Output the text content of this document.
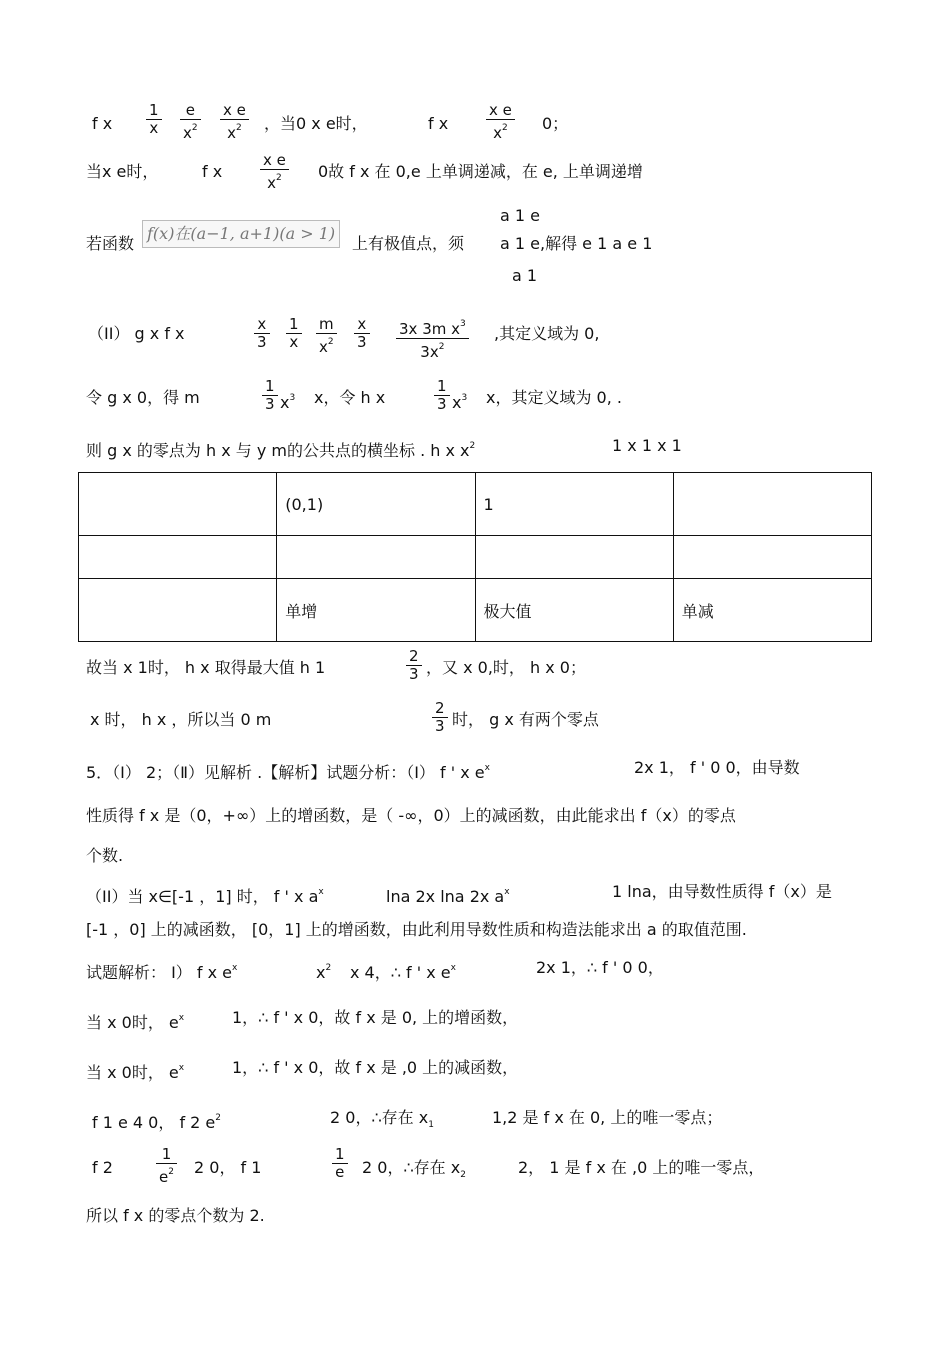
f x
1
x
e
$x^2$
x e
$x^2$ ，当0 x e时，	f x
x e
$x^2$ 0；
当x e时，	f x
x e
$x^2$ 0故 f x 在 0,e 上单调递减，在 e, 上单调递增
若函数
f(x)在(a−1, a+1)(a > 1)
上有极值点，须
a 1 e
a 1 e,解得 e 1 a e 1
a 1
（II） g x f x	x
3
1
x
m
$x^2$
x
3
3x 3m $x^3$
$3x^2$
,其定义域为 0,
令 g x 0，得 m
1
3 $x^3$ x，令 h x
1
3 $x^3$ x，其定义域为 0, .
则 g x 的零点为 h x 与 y m的公共点的横坐标 . h x $x^2$	1 x 1 x 1
	(0,1)	1	

	单增	极大值	单减
故当 x 1时， h x 取得最大值 h 1
2
3 ，又 x 0,时， h x 0；
x 时， h x ，所以当 0 m
2
3 时， g x 有两个零点
5．（Ⅰ） 2；（Ⅱ）见解析 .【解析】试题分析：（Ⅰ） f ' x $e^x$	2x 1， f ' 0 0，由导数
性质得 f x 是（0，+∞）上的增函数，是（ -∞，0）上的减函数，由此能求出 f（x）的零点
个数.
（II）当 x∈[-1 ，1] 时， f ' x $a^x$	lna 2x lna 2x $a^x$	1 lna，由导数性质得 f（x）是
[-1 ，0] 上的减函数， [0，1] 上的增函数，由此利用导数性质和构造法能求出 a 的取值范围.
试题解析： Ⅰ） f x $e^x$	$x^2$ x 4，∴ f ' x $e^x$	2x 1，∴ f ' 0 0，
当 x 0时， $e^x$	1，∴ f ' x 0，故 f x 是 0, 上的增函数，
当 x 0时， $e^x$	1，∴ f ' x 0，故 f x 是 ,0 上的减函数，
f 1 e 4 0， f 2 $e^2$	2 0，∴存在 $x_1$	1,2 是 f x 在 0, 上的唯一零点；
f 2
1
$e^2$ 2 0， f 1
1
e 2 0，∴存在 $x_2$	2， 1 是 f x 在 ,0 上的唯一零点，
所以 f x 的零点个数为 2.
